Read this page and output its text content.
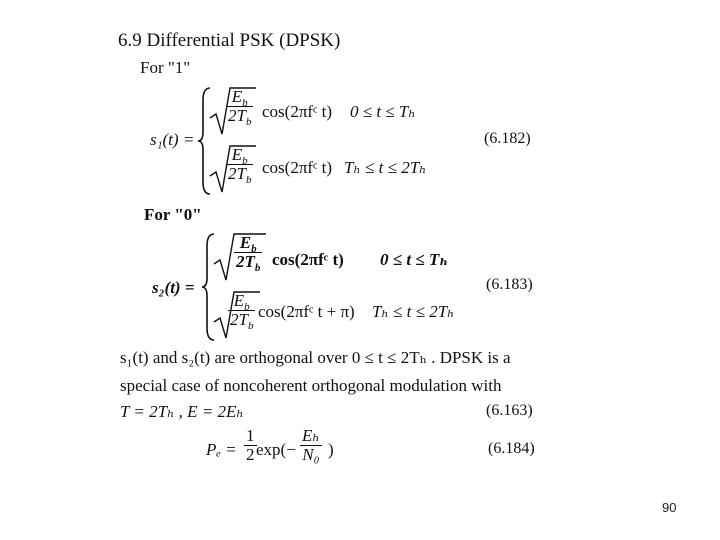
6.9 Differential PSK (DPSK)
For "1"
s₁(t) =
$\frac{E_b}{2T_b}$ cos(2πfᶜ t) 0 ≤ t ≤ Tₕ
$\frac{E_b}{2T_b}$ cos(2πfᶜ t) Tₕ ≤ t ≤ 2Tₕ
(6.182)
For "0"
s₂(t) =
$\frac{E_b}{2T_b}$ cos(2πfᶜ t) 0 ≤ t ≤ Tₕ
$\frac{E_b}{2T_b}$ cos(2πfᶜ t + π) Tₕ ≤ t ≤ 2Tₕ
(6.183)
s₁(t) and s₂(t) are orthogonal over 0 ≤ t ≤ 2Tₕ . DPSK is a
special case of noncoherent orthogonal modulation with
T = 2Tₕ , E = 2Eₕ	(6.163)
$P_e = \frac{1}{2} \exp(- \frac{\text{Eₕ}}{\text{N₀}}$ )	(6.184)
90
